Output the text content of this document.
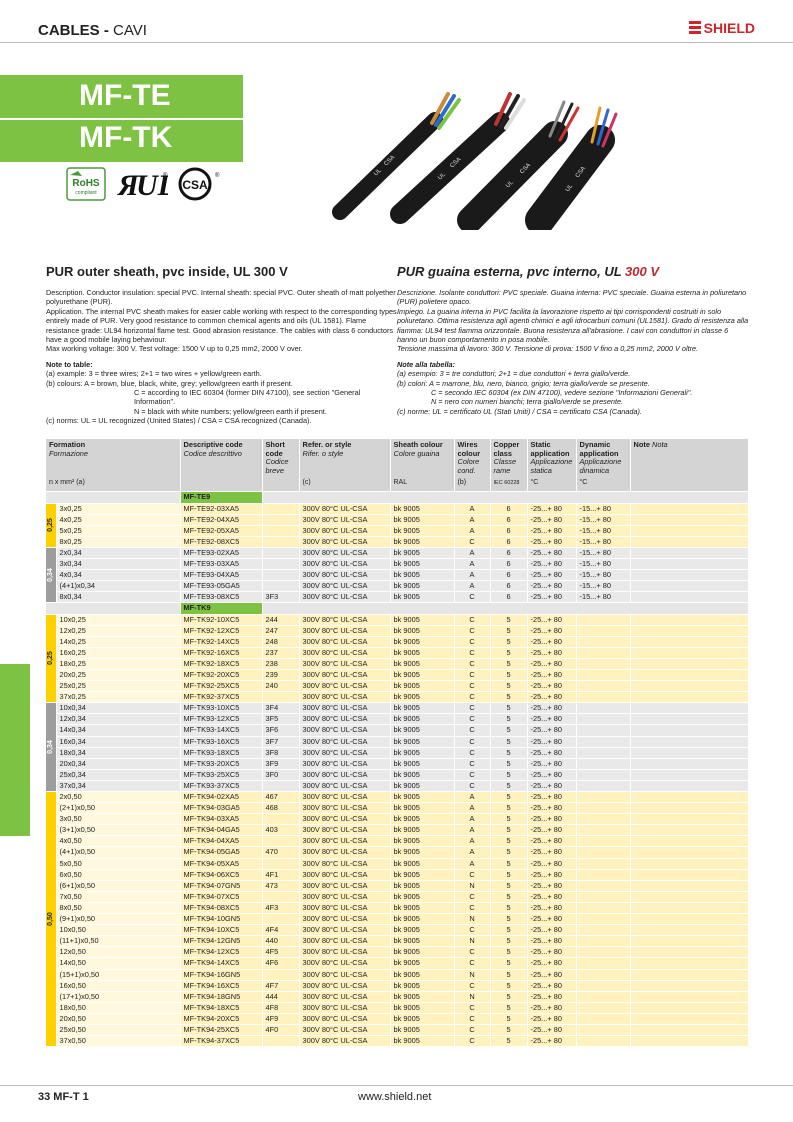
CABLES - CAVI	SHIELD
MF-TE
MF-TK
RoHS
compliant Я
U ®
CSA
®	UL
CSA
UL
CSA
UL
CSA
UL
CSA
PUR outer sheath, pvc inside, UL 300 V	PUR guaina esterna, pvc interno, UL 300 V

Description. Conductor insulation: special PVC. Internal sheath: special PVC. Outer sheath of matt polyether polyurethane (PUR).

Application. The internal PVC sheath makes for easier cable working with respect to the corresponding types entirely made of PUR. Very good resistance to common chemical agents and oils (UL 1581). Flame resistance grade: UL94 horizontal flame test. Good abrasion resistance. The cables with class 6 conductors have a good mobile laying behaviour.

Max working voltage: 300 V. Test voltage: 1500 V up to 0,25 mm2, 2000 V over.

Note to table:

(a) example: 3 = three wires; 2+1 = two wires + yellow/green earth.

(b) colours: A = brown, blue, black, white, grey; yellow/green earth if present.

C = according to IEC 60304 (former DIN 47100), see section "General Information".

N = black with white numbers; yellow/green earth if present.

(c) norms: UL = UL recognized (United States) / CSA = CSA recognized (Canada).

Descrizione. Isolante conduttori: PVC speciale. Guaina interna: PVC speciale. Guaina esterna in poliuretano (PUR) poliet​ere opaco.

Impiego. La guaina interna in PVC facilita la lavorazione rispetto ai tipi corrispondenti costruiti in solo poliuretano. Ottima resistenza agli agenti chimici e agli idrocarburi comuni (UL1581). Grado di resistenza alla fiamma: UL94 test fiamma orizzontale. Buona resistenza all'abrasione. I cavi con conduttori in classe 6 hanno un buon comportamento in posa mobile.

Tensione massima di lavoro: 300 V. Tensione di prova: 1500 V fino a 0,25 mm2, 2000 V oltre.

Note alla tabella:

(a) esempio: 3 = tre conduttori; 2+1 = due conduttori + terra giallo/verde.

(b) colori: A = marrone, blu, nero, bianco, grigio; terra giallo/verde se presente.

C = secondo IEC 60304 (ex DIN 47100), vedere sezione "Informazioni Generali".

N = nero con numeri bianchi; terra giallo/verde se presente.

(c) norme: UL = certificato UL (Stati Uniti) / CSA = certificato CSA (Canada).

Formation
Formazione		Descriptive code
Codice descrittivo	Short code
Codice breve	Refer. or style
Rifer. o style	Sheath colour
Colore guaina	Wires colour
Colore cond.	Copper class
Classe rame	Static application
Applicazione statica	Dynamic application
Applicazione dinamica	Note Nota
n x mm² (a)				(c)	RAL	(b)	IEC 60228	°C	°C	
		MF-TE9								

0,25	3x0,25	MF-TE92-03XA5		300V 80°C UL-CSA	bk 9005	A	6	-25...+ 80	-15...+ 80	
	4x0,25	MF-TE92-04XA5		300V 80°C UL-CSA	bk 9005	A	6	-25...+ 80	-15...+ 80	
	5x0,25	MF-TE92-05XA5		300V 80°C UL-CSA	bk 9005	A	6	-25...+ 80	-15...+ 80	
	8x0,25	MF-TE92-08XC5		300V 80°C UL-CSA	bk 9005	C	6	-25...+ 80	-15...+ 80	

0,34	2x0,34	MF-TE93-02XA5		300V 80°C UL-CSA	bk 9005	A	6	-25...+ 80	-15...+ 80	
	3x0,34	MF-TE93-03XA5		300V 80°C UL-CSA	bk 9005	A	6	-25...+ 80	-15...+ 80	
	4x0,34	MF-TE93-04XA5		300V 80°C UL-CSA	bk 9005	A	6	-25...+ 80	-15...+ 80	
	(4+1)x0,34	MF-TE93-05GA5		300V 80°C UL-CSA	bk 9005	A	6	-25...+ 80	-15...+ 80	
	8x0,34	MF-TE93-08XC5	3F3	300V 80°C UL-CSA	bk 9005	C	6	-25...+ 80	-15...+ 80	
		MF-TK9								

0,25	10x0,25	MF-TK92-10XC5	244	300V 80°C UL-CSA	bk 9005	C	5	-25...+ 80		
	12x0,25	MF-TK92-12XC5	247	300V 80°C UL-CSA	bk 9005	C	5	-25...+ 80		
	14x0,25	MF-TK92-14XC5	248	300V 80°C UL-CSA	bk 9005	C	5	-25...+ 80		
	16x0,25	MF-TK92-16XC5	237	300V 80°C UL-CSA	bk 9005	C	5	-25...+ 80		
	18x0,25	MF-TK92-18XC5	238	300V 80°C UL-CSA	bk 9005	C	5	-25...+ 80		
	20x0,25	MF-TK92-20XC5	239	300V 80°C UL-CSA	bk 9005	C	5	-25...+ 80		
	25x0,25	MF-TK92-25XC5	240	300V 80°C UL-CSA	bk 9005	C	5	-25...+ 80		
	37x0,25	MF-TK92-37XC5		300V 80°C UL-CSA	bk 9005	C	5	-25...+ 80		

0,34	10x0,34	MF-TK93-10XC5	3F4	300V 80°C UL-CSA	bk 9005	C	5	-25...+ 80		
	12x0,34	MF-TK93-12XC5	3F5	300V 80°C UL-CSA	bk 9005	C	5	-25...+ 80		
	14x0,34	MF-TK93-14XC5	3F6	300V 80°C UL-CSA	bk 9005	C	5	-25...+ 80		
	16x0,34	MF-TK93-16XC5	3F7	300V 80°C UL-CSA	bk 9005	C	5	-25...+ 80		
	18x0,34	MF-TK93-18XC5	3F8	300V 80°C UL-CSA	bk 9005	C	5	-25...+ 80		
	20x0,34	MF-TK93-20XC5	3F9	300V 80°C UL-CSA	bk 9005	C	5	-25...+ 80		
	25x0,34	MF-TK93-25XC5	3F0	300V 80°C UL-CSA	bk 9005	C	5	-25...+ 80		
	37x0,34	MF-TK93-37XC5		300V 80°C UL-CSA	bk 9005	C	5	-25...+ 80		

0,50	2x0,50	MF-TK94-02XA5	467	300V 80°C UL-CSA	bk 9005	A	5	-25...+ 80		
	(2+1)x0,50	MF-TK94-03GA5	468	300V 80°C UL-CSA	bk 9005	A	5	-25...+ 80		
	3x0,50	MF-TK94-03XA5		300V 80°C UL-CSA	bk 9005	A	5	-25...+ 80		
	(3+1)x0,50	MF-TK94-04GA5	403	300V 80°C UL-CSA	bk 9005	A	5	-25...+ 80		
	4x0,50	MF-TK94-04XA5		300V 80°C UL-CSA	bk 9005	A	5	-25...+ 80		
	(4+1)x0,50	MF-TK94-05GA5	470	300V 80°C UL-CSA	bk 9005	A	5	-25...+ 80		
	5x0,50	MF-TK94-05XA5		300V 80°C UL-CSA	bk 9005	A	5	-25...+ 80		
	6x0,50	MF-TK94-06XC5	4F1	300V 80°C UL-CSA	bk 9005	C	5	-25...+ 80		
	(6+1)x0,50	MF-TK94-07GN5	473	300V 80°C UL-CSA	bk 9005	N	5	-25...+ 80		
	7x0,50	MF-TK94-07XC5		300V 80°C UL-CSA	bk 9005	C	5	-25...+ 80		
	8x0,50	MF-TK94-08XC5	4F3	300V 80°C UL-CSA	bk 9005	C	5	-25...+ 80		
	(9+1)x0,50	MF-TK94-10GN5		300V 80°C UL-CSA	bk 9005	N	5	-25...+ 80		
	10x0,50	MF-TK94-10XC5	4F4	300V 80°C UL-CSA	bk 9005	C	5	-25...+ 80		
	(11+1)x0,50	MF-TK94-12GN5	440	300V 80°C UL-CSA	bk 9005	N	5	-25...+ 80		
	12x0,50	MF-TK94-12XC5	4F5	300V 80°C UL-CSA	bk 9005	C	5	-25...+ 80		
	14x0,50	MF-TK94-14XC5	4F6	300V 80°C UL-CSA	bk 9005	C	5	-25...+ 80		
	(15+1)x0,50	MF-TK94-16GN5		300V 80°C UL-CSA	bk 9005	N	5	-25...+ 80		
	16x0,50	MF-TK94-16XC5	4F7	300V 80°C UL-CSA	bk 9005	C	5	-25...+ 80		
	(17+1)x0,50	MF-TK94-18GN5	444	300V 80°C UL-CSA	bk 9005	N	5	-25...+ 80		
	18x0,50	MF-TK94-18XC5	4F8	300V 80°C UL-CSA	bk 9005	C	5	-25...+ 80		
	20x0,50	MF-TK94-20XC5	4F9	300V 80°C UL-CSA	bk 9005	C	5	-25...+ 80		
	25x0,50	MF-TK94-25XC5	4F0	300V 80°C UL-CSA	bk 9005	C	5	-25...+ 80		
	37x0,50	MF-TK94-37XC5		300V 80°C UL-CSA	bk 9005	C	5	-25...+ 80		
33 MF-T 1	www.shield.net
